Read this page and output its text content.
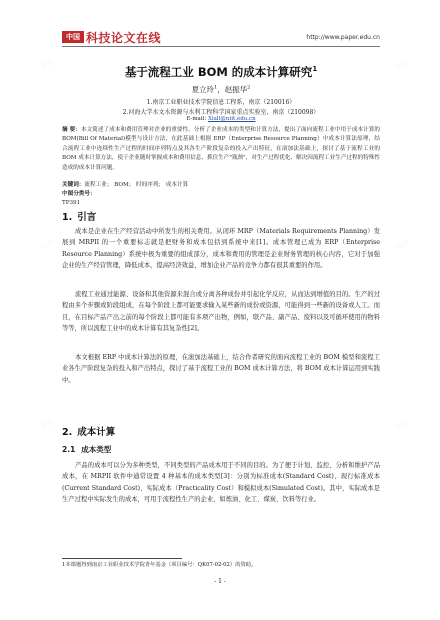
试读	试读
试读	试读
试读	试读
中国 科技论文在线	http://www.paper.edu.cn
基于流程工业 BOM 的成本计算研究$^1$
夏立玲$^1$，赵振华$^2$
1.南京工业职业技术学院信息工程系，南京（210016）
2.河海大学水文水资源与水利工程科学国家重点实验室，南京（210098）
E-mail: Xiall@niit.edu.cn
摘 要：本文简述了成本和费用管理对企业的重要性，分析了企业成本的类型和计算方法，提出了面向流程工业中用于成本计算的 BOM(Bill Of Material)模型与设计方法，在此基础上根据 ERP（Enterprise Resource Planning）中成本计算法原理，结合流程工业中连续性生产过程的时间序列特点及其各生产阶段复杂的投入产出特征，在滚加法基础上，探讨了基于流程工业的 BOM 成本计算方法，使于企业随时掌握成本和费用信息，抓住生产"瓶颈"，对生产过程优化、解决因流程工业生产过程的特殊性造成的成本计算问题。
关键词：流程工业； BOM； 时间序列； 成本计算
中图分类号：
TP391
1. 引言
成本是企业在生产经营活动中所发生的相关费用。从闭环 MRP（Materials Requirements Planning）发展到 MRPII 的一个重要标志就是把财务和成本包括到系统中来[1]。成本管理已成为 ERP（Enterprise Resource Planning）系统中极为重要的组成部分，成本和费用的管理是企业财务管理的核心内容，它对于加强企业的生产经营管理，降低成本，提高经济效益，增加企业产品的竞争力都有很其重要的作用。
流程工业通过能源、设备和其他资源来混合或分离各种成份并引起化学反应，从而达到增值的目的。生产的过程由多个步骤或阶段组成，在每个阶段上都可能要求输入某些新的成份或资源，可能得到一些新的设备或人工。而且，在目标产品产出之前的每个阶段上都可能有多项产出物，例如，联产品、副产品、废料以及可循环使用的物料等等，所以流程工业中的成本计算有其复杂性[2]。
本文根据 ERP 中成本计算法的原理，在滚加法基础上，结合作者研究的面向流程工业的 BOM 模型和流程工业各生产阶段复杂的投入和产出特点，探讨了基于流程工业的 BOM 成本计算方法，将 BOM 成本计算运用到实践中。
2. 成本计算
2.1 成本类型
产品的成本可以分为多种类型，不同类型的产品成本用于不同的目的。为了便于计划、监控、分析和维护产品成本，在 MRPII 软件中通常设置 4 种基本的成本类型[3]：分别为标准成本(Standard Cost)、现行标准成本(Current Standard Cost)、实际成本（Practicality Cost）和模拟成本(Simulated Cost)。其中，实际成本是生产过程中实际发生的成本，可用于流程性生产的企业，如炼油、化工、煤炭、饮料等行业。
1本课题得到南京工业职业技术学院青年基金（项目编号：QK07-02-02）的资助。
- 1 -
